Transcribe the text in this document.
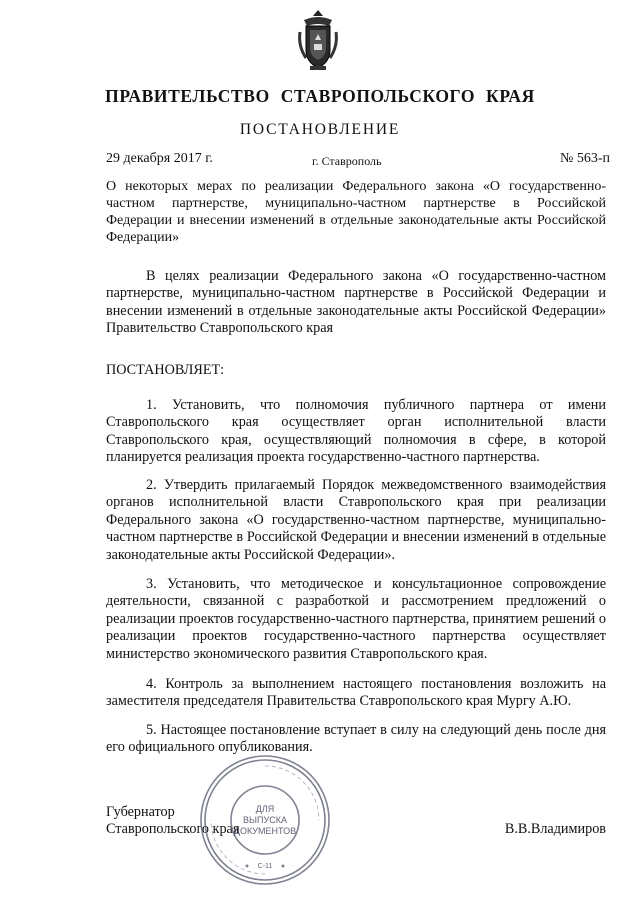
ПРАВИТЕЛЬСТВО СТАВРОПОЛЬСКОГО КРАЯ
ПОСТАНОВЛЕНИЕ
29 декабря 2017 г.	г. Ставрополь	№ 563-п
О некоторых мерах по реализации Федерального закона «О государственно-частном партнерстве, муниципально-частном партнерстве в Российской Федерации и внесении изменений в отдельные законодательные акты Российской Федерации»
В целях реализации Федерального закона «О государственно-частном партнерстве, муниципально-частном партнерстве в Российской Федерации и внесении изменений в отдельные законодательные акты Российской Федерации» Правительство Ставропольского края
ПОСТАНОВЛЯЕТ:
1. Установить, что полномочия публичного партнера от имени Ставропольского края осуществляет орган исполнительной власти Ставропольского края, осуществляющий полномочия в сфере, в которой планируется реализация проекта государственно-частного партнерства.
2. Утвердить прилагаемый Порядок межведомственного взаимодействия органов исполнительной власти Ставропольского края при реализации Федерального закона «О государственно-частном партнерстве, муниципально-частном партнерстве в Российской Федерации и внесении изменений в отдельные законодательные акты Российской Федерации».
3. Установить, что методическое и консультационное сопровождение деятельности, связанной с разработкой и рассмотрением предложений о реализации проектов государственно-частного партнерства, принятием решений о реализации проектов государственно-частного партнерства осуществляет министерство экономического развития Ставропольского края.
4. Контроль за выполнением настоящего постановления возложить на заместителя председателя Правительства Ставропольского края Мургу А.Ю.
5. Настоящее постановление вступает в силу на следующий день после дня его официального опубликования.
Губернатор
Ставропольского края	В.В.Владимиров
ДЛЯ
ВЫПУСКА
ДОКУМЕНТОВ
С-11
